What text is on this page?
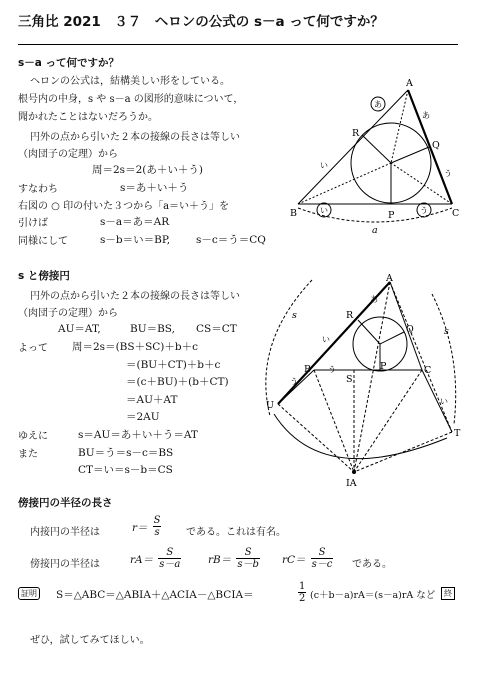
三角比 2021　３７　ヘロンの公式の s－a って何ですか？
s－a って何ですか？
ヘロンの公式は，結構美しい形をしている。
根号内の中身，s や s－a の図形的意味について，
聞かれたことはないだろうか。
円外の点から引いた２本の接線の長さは等しい
（肉団子の定理）から
周＝2s＝2(あ＋い＋う)
すなわち	s＝あ＋い＋う
右図の ○ 印の付いた３つから「a＝い＋う」を
引けば	s－a＝あ＝AR
同様にして	s－b＝い＝BP, s－c＝う＝CQ
A
B	C
R
Q
P
あ
い	う
あ
い
う
a
s と傍接円
円外の点から引いた２本の接線の長さは等しい
（肉団子の定理）から
AU＝AT,	BU＝BS, CS＝CT
よって 周＝2s＝(BS＋SC)＋b＋c
＝(BU＋CT)＋b＋c
＝(c＋BU)＋(b＋CT)
＝AU＋AT
＝2AU
ゆえに	s＝AU＝あ＋い＋う＝AT
また	BU＝う＝s－c＝BS
CT＝い＝s－b＝CS
A
B	C
R
Q
P
S
U
T
IA
s
s
あ
い
う
い
う
傍接円の半径の長さ
内接円の半径は	$r= \frac{S}{s}$ である。これは有名。
傍接円の半径は	$rA= \frac{S}{s-a}$	$rB= \frac{S}{s-b} rC= \frac{S}{s-c}$ である。
証明 S＝△ABC＝△ABIA＋△ACIA－△BCIA＝	$\frac{1}{2} (c+b-a)rA=(s-a)rA$ など	終
ぜひ，試してみてほしい。
